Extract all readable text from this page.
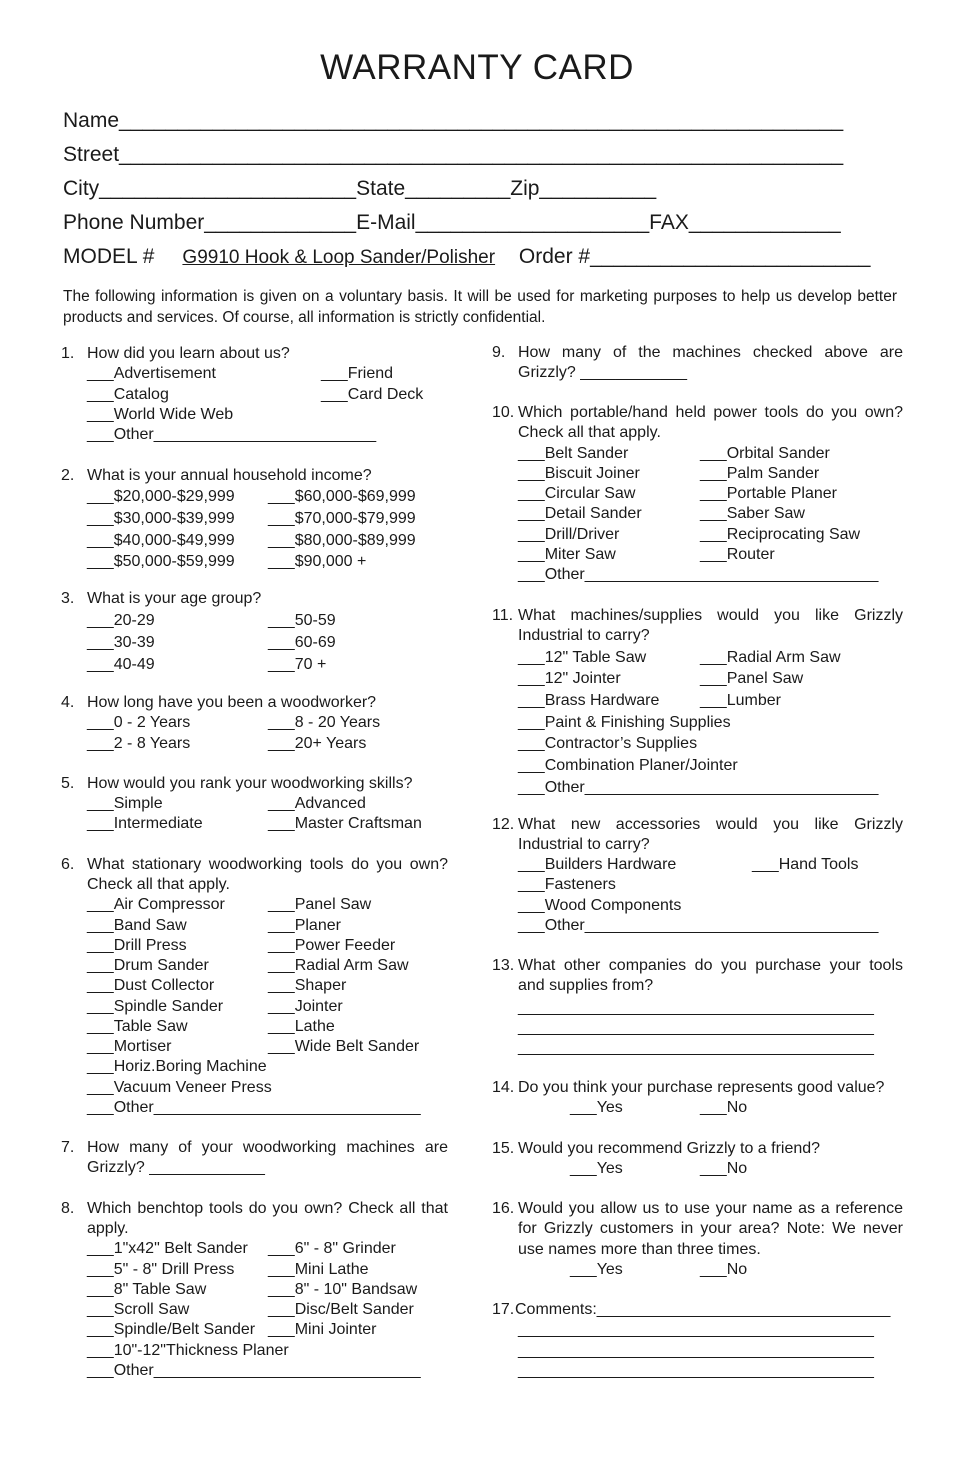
WARRANTY CARD
Name______________________________________________________________
Street______________________________________________________________
City______________________State_________Zip__________
Phone Number_____________E-Mail____________________FAX_____________
MODEL # G9910 Hook & Loop Sander/Polisher Order #________________________
The following information is given on a voluntary basis. It will be used for marketing purposes to help us develop better products and services. Of course, all information is strictly confidential.
1. How did you learn about us?

___Advertisement	___Friend
___Catalog	___Card Deck
___World Wide Web
___Other_________________________
2. What is your annual household income?

___$20,000-$29,999 ___$60,000-$69,999
___$30,000-$39,999 ___$70,000-$79,999
___$40,000-$49,999 ___$80,000-$89,999
___$50,000-$59,999 ___$90,000 +
3. What is your age group?

___20-29	___50-59
___30-39	___60-69
___40-49	___70 +
4. How long have you been a woodworker?

___0 - 2 Years	___8 - 20 Years
___2 - 8 Years	___20+ Years
5. How would you rank your woodworking skills?

___Simple	___Advanced
___Intermediate	___Master Craftsman
6. What stationary woodworking tools do you own? Check all that apply.

___Air Compressor	___Panel Saw
___Band Saw	___Planer
___Drill Press	___Power Feeder
___Drum Sander	___Radial Arm Saw
___Dust Collector	___Shaper
___Spindle Sander	___Jointer
___Table Saw	___Lathe
___Mortiser	___Wide Belt Sander
___Horiz.Boring Machine
___Vacuum Veneer Press
___Other______________________________
7. How many of your woodworking machines are Grizzly? _____________

8. Which benchtop tools do you own? Check all that apply.

___1"x42" Belt Sander ___6" - 8" Grinder
___5" - 8" Drill Press ___Mini Lathe
___8" Table Saw	___8" - 10" Bandsaw
___Scroll Saw	___Disc/Belt Sander
___Spindle/Belt Sander ___Mini Jointer
___10"-12"Thickness Planer
___Other______________________________
9. How many of the machines checked above are Grizzly? ____________

10. Which portable/hand held power tools do you own? Check all that apply.

___Belt Sander	___Orbital Sander
___Biscuit Joiner	___Palm Sander
___Circular Saw	___Portable Planer
___Detail Sander	___Saber Saw
___Drill/Driver	___Reciprocating Saw
___Miter Saw	___Router
___Other_________________________________
11. What machines/supplies would you like Grizzly Industrial to carry?

___12" Table Saw	___Radial Arm Saw
___12" Jointer	___Panel Saw
___Brass Hardware	___Lumber
___Paint & Finishing Supplies
___Contractor’s Supplies
___Combination Planer/Jointer
___Other_________________________________
12. What new accessories would you like Grizzly Industrial to carry?

___Builders Hardware	___Hand Tools
___Fasteners
___Wood Components
___Other_________________________________
13. What other companies do you purchase your tools and supplies from?

________________________________________
________________________________________
________________________________________
14. Do you think your purchase represents good value?

___Yes	___No
15. Would you recommend Grizzly to a friend?

___Yes	___No
16. Would you allow us to use your name as a reference for Grizzly customers in your area? Note: We never use names more than three times.

___Yes	___No
17. Comments:_________________________________

________________________________________
________________________________________
________________________________________
